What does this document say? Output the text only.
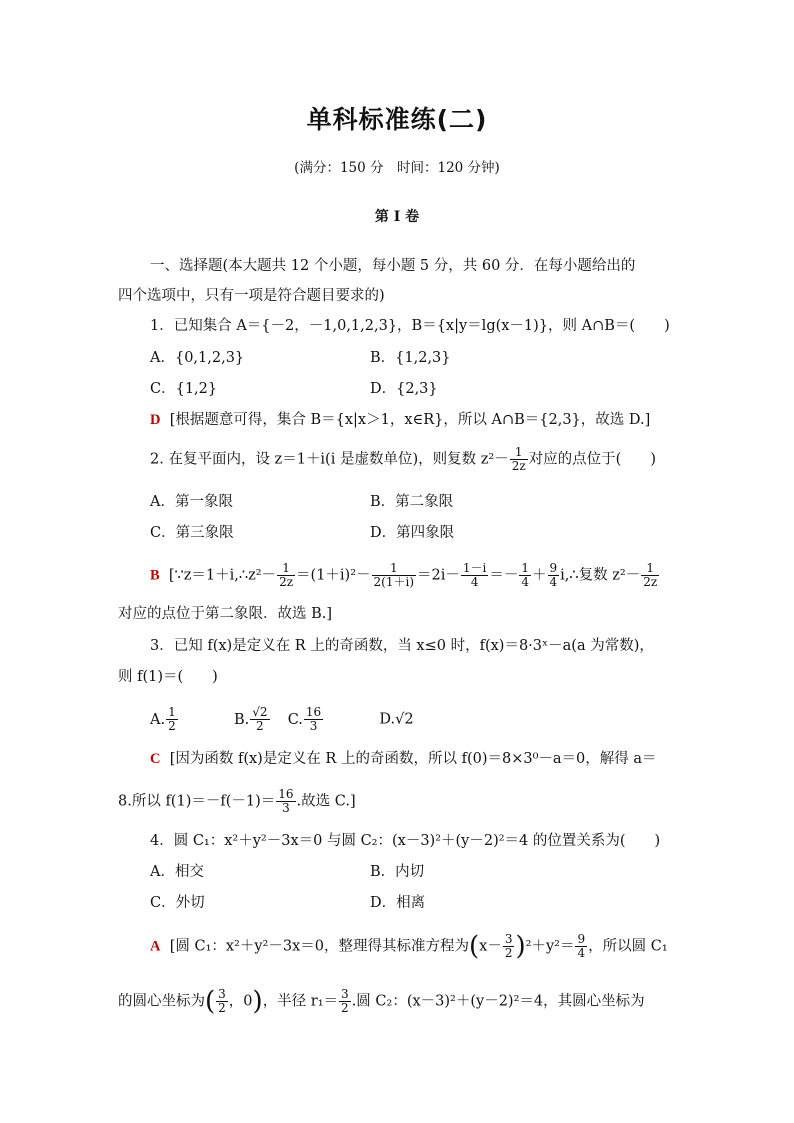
单科标准练(二)
(满分：150 分　时间：120 分钟)
第 I 卷
一、选择题(本大题共 12 个小题，每小题 5 分，共 60 分．在每小题给出的
四个选项中，只有一项是符合题目要求的)
1．已知集合 A＝{－2，－1,0,1,2,3}，B＝{x|y＝lg(x－1)}，则 A∩B＝(　　)
A．{0,1,2,3}	B．{1,2,3}
C．{1,2}	D．{2,3}
D [根据题意可得，集合 B＝{x|x＞1，x∈R}，所以 A∩B＝{2,3}，故选 D.]
2. 在复平面内，设 z＝1＋i(i 是虚数单位)，则复数 $z^2- \frac{1}{2z}$ 对应的点位于(　　)
A．第一象限	B．第二象限
C．第三象限	D．第四象限
B [∵z＝1＋i,∴z²－ $\frac{1}{2z} =(1+i)^2- \frac{1}{2(1+i)} =2i- \frac{1-i}{4} =- \frac{1}{4} + \frac{9}{4}$ i,∴复数 $z^2- \frac{1}{2z}$
对应的点位于第二象限．故选 B.]
3．已知 f(x)是定义在 R 上的奇函数，当 x≤0 时，f(x)＝8·3ˣ－a(a 为常数)，
则 f(1)＝(　　)
A. $\frac{1}{2}$	B. $\frac{√2}{2} C$. $\frac{16}{3}$	D.√2
C [因为函数 f(x)是定义在 R 上的奇函数，所以 f(0)＝8×3⁰－a＝0，解得 a＝
8.所以 $f(1)=-f(-1)= \frac{16}{3}$ .故选 C.]
4．圆 C₁：x²＋y²－3x＝0 与圆 C₂：(x－3)²＋(y－2)²＝4 的位置关系为(　　)
A．相交	B．内切
C．外切	D．相离
A [圆 C₁：x²＋y²－3x＝0，整理得其标准方程为$(x- \frac{3}{2} )^2+y^2= \frac{9}{4}$ ，所以圆 C₁
的圆心坐标为( $\frac{3}{2}$ ，0)，半径 $r_1= \frac{3}{2}$ .圆 C₂：(x－3)²＋(y－2)²＝4，其圆心坐标为
